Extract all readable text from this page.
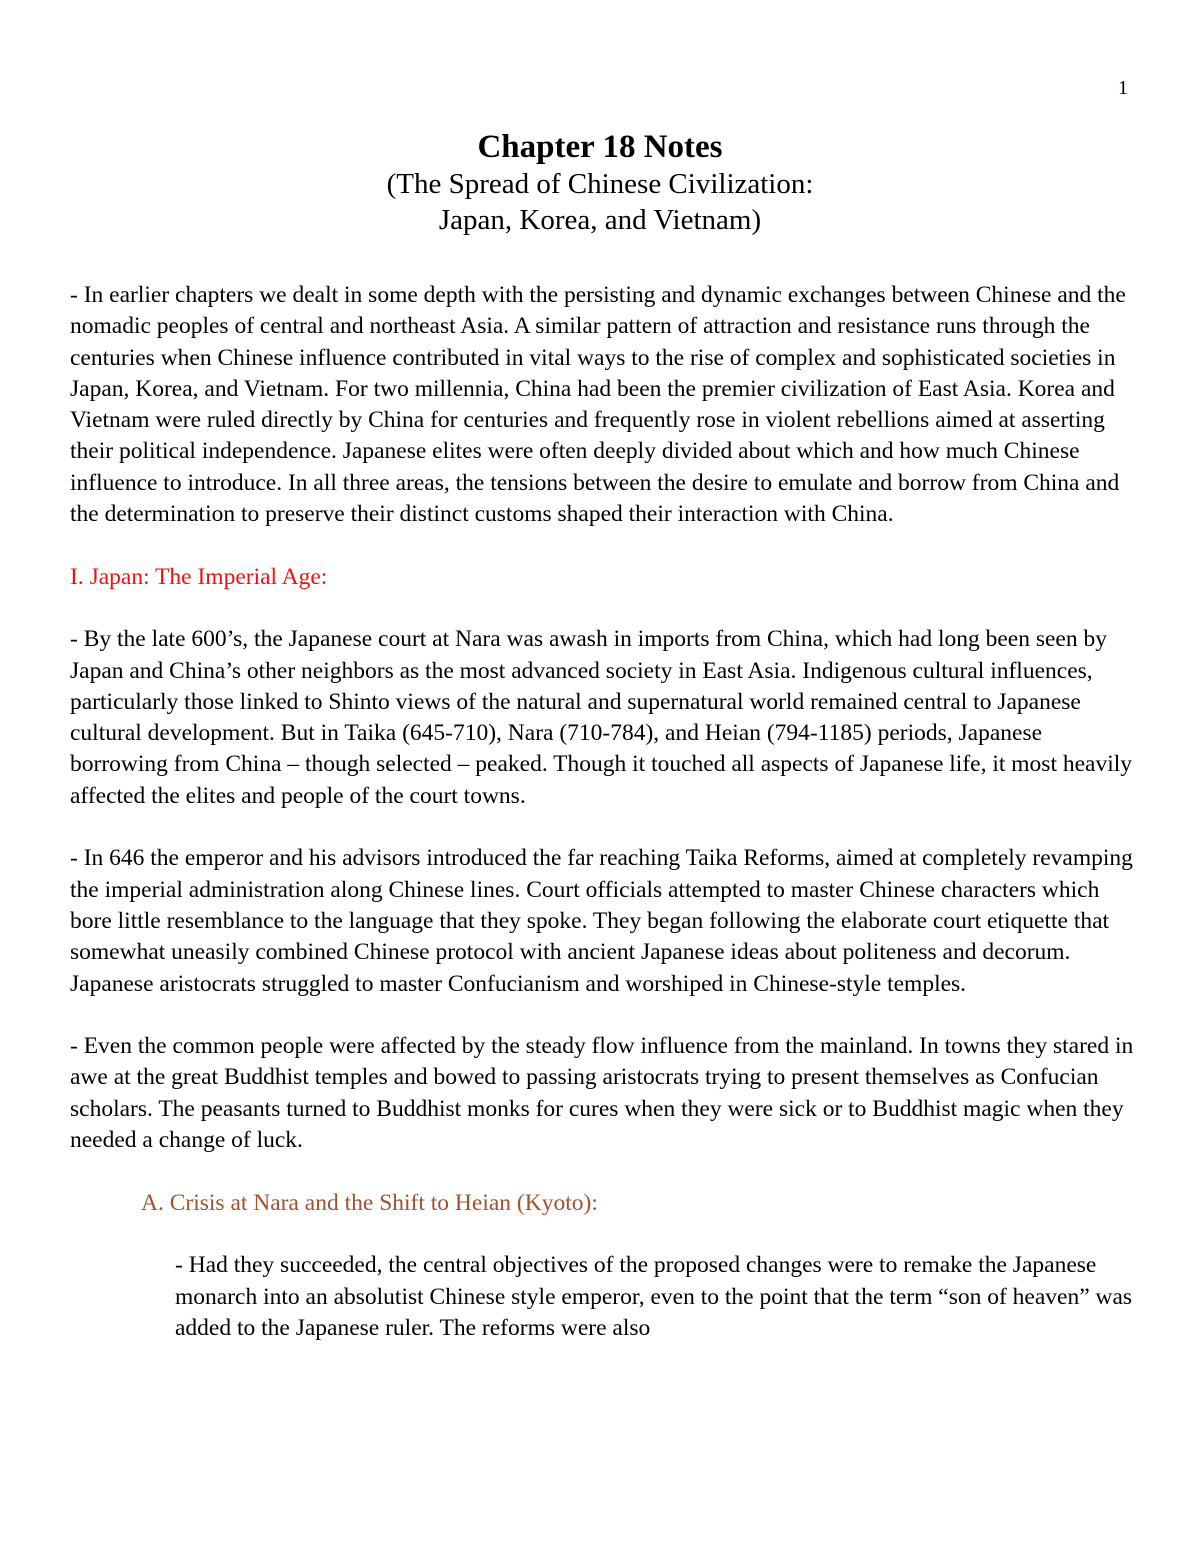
1

Chapter 18 Notes

(The Spread of Chinese Civilization:

Japan, Korea, and Vietnam)

- In earlier chapters we dealt in some depth with the persisting and dynamic exchanges between Chinese and the nomadic peoples of central and northeast Asia. A similar pattern of attraction and resistance runs through the centuries when Chinese influence contributed in vital ways to the rise of complex and sophisticated societies in Japan, Korea, and Vietnam. For two millennia, China had been the premier civilization of East Asia. Korea and Vietnam were ruled directly by China for centuries and frequently rose in violent rebellions aimed at asserting their political independence. Japanese elites were often deeply divided about which and how much Chinese influence to introduce. In all three areas, the tensions between the desire to emulate and borrow from China and the determination to preserve their distinct customs shaped their interaction with China.

I. Japan: The Imperial Age:

- By the late 600’s, the Japanese court at Nara was awash in imports from China, which had long been seen by Japan and China’s other neighbors as the most advanced society in East Asia. Indigenous cultural influences, particularly those linked to Shinto views of the natural and supernatural world remained central to Japanese cultural development. But in Taika (645-710), Nara (710-784), and Heian (794-1185) periods, Japanese borrowing from China – though selected – peaked. Though it touched all aspects of Japanese life, it most heavily affected the elites and people of the court towns.

- In 646 the emperor and his advisors introduced the far reaching Taika Reforms, aimed at completely revamping the imperial administration along Chinese lines. Court officials attempted to master Chinese characters which bore little resemblance to the language that they spoke. They began following the elaborate court etiquette that somewhat uneasily combined Chinese protocol with ancient Japanese ideas about politeness and decorum. Japanese aristocrats struggled to master Confucianism and worshiped in Chinese-style temples.

- Even the common people were affected by the steady flow influence from the mainland. In towns they stared in awe at the great Buddhist temples and bowed to passing aristocrats trying to present themselves as Confucian scholars. The peasants turned to Buddhist monks for cures when they were sick or to Buddhist magic when they needed a change of luck.

A. Crisis at Nara and the Shift to Heian (Kyoto):

- Had they succeeded, the central objectives of the proposed changes were to remake the Japanese monarch into an absolutist Chinese style emperor, even to the point that the term “son of heaven” was added to the Japanese ruler. The reforms were also
